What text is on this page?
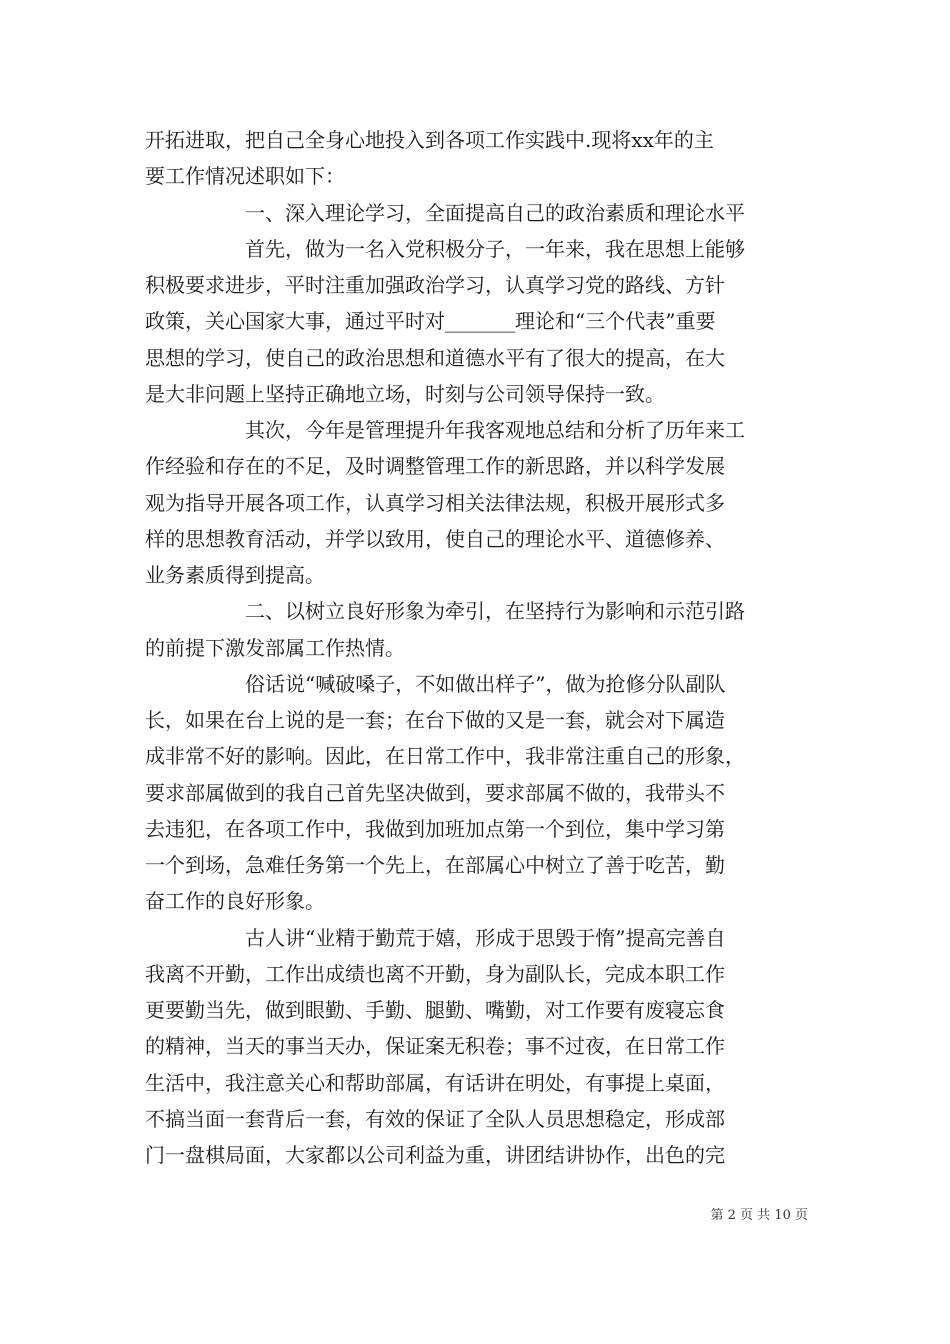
开拓进取，把自己全身心地投入到各项工作实践中.现将xx年的主
要工作情况述职如下：
一、深入理论学习，全面提高自己的政治素质和理论水平
首先，做为一名入党积极分子，一年来，我在思想上能够
积极要求进步，平时注重加强政治学习，认真学习党的路线、方针
政策，关心国家大事，通过平时对_______理论和“三个代表”重要
思想的学习，使自己的政治思想和道德水平有了很大的提高，在大
是大非问题上坚持正确地立场，时刻与公司领导保持一致。
其次，今年是管理提升年我客观地总结和分析了历年来工
作经验和存在的不足，及时调整管理工作的新思路，并以科学发展
观为指导开展各项工作，认真学习相关法律法规，积极开展形式多
样的思想教育活动，并学以致用，使自己的理论水平、道德修养、
业务素质得到提高。
二、以树立良好形象为牵引，在坚持行为影响和示范引路
的前提下激发部属工作热情。
俗话说“喊破嗓子，不如做出样子”，做为抢修分队副队
长，如果在台上说的是一套；在台下做的又是一套，就会对下属造
成非常不好的影响。因此，在日常工作中，我非常注重自己的形象，
要求部属做到的我自己首先坚决做到，要求部属不做的，我带头不
去违犯，在各项工作中，我做到加班加点第一个到位，集中学习第
一个到场，急难任务第一个先上，在部属心中树立了善于吃苦，勤
奋工作的良好形象。
古人讲“业精于勤荒于嬉，形成于思毁于惰”提高完善自
我离不开勤，工作出成绩也离不开勤，身为副队长，完成本职工作
更要勤当先，做到眼勤、手勤、腿勤、嘴勤，对工作要有废寝忘食
的精神，当天的事当天办，保证案无积卷；事不过夜，在日常工作
生活中，我注意关心和帮助部属，有话讲在明处，有事提上桌面，
不搞当面一套背后一套，有效的保证了全队人员思想稳定，形成部
门一盘棋局面，大家都以公司利益为重，讲团结讲协作，出色的完
第 2 页 共 10 页
